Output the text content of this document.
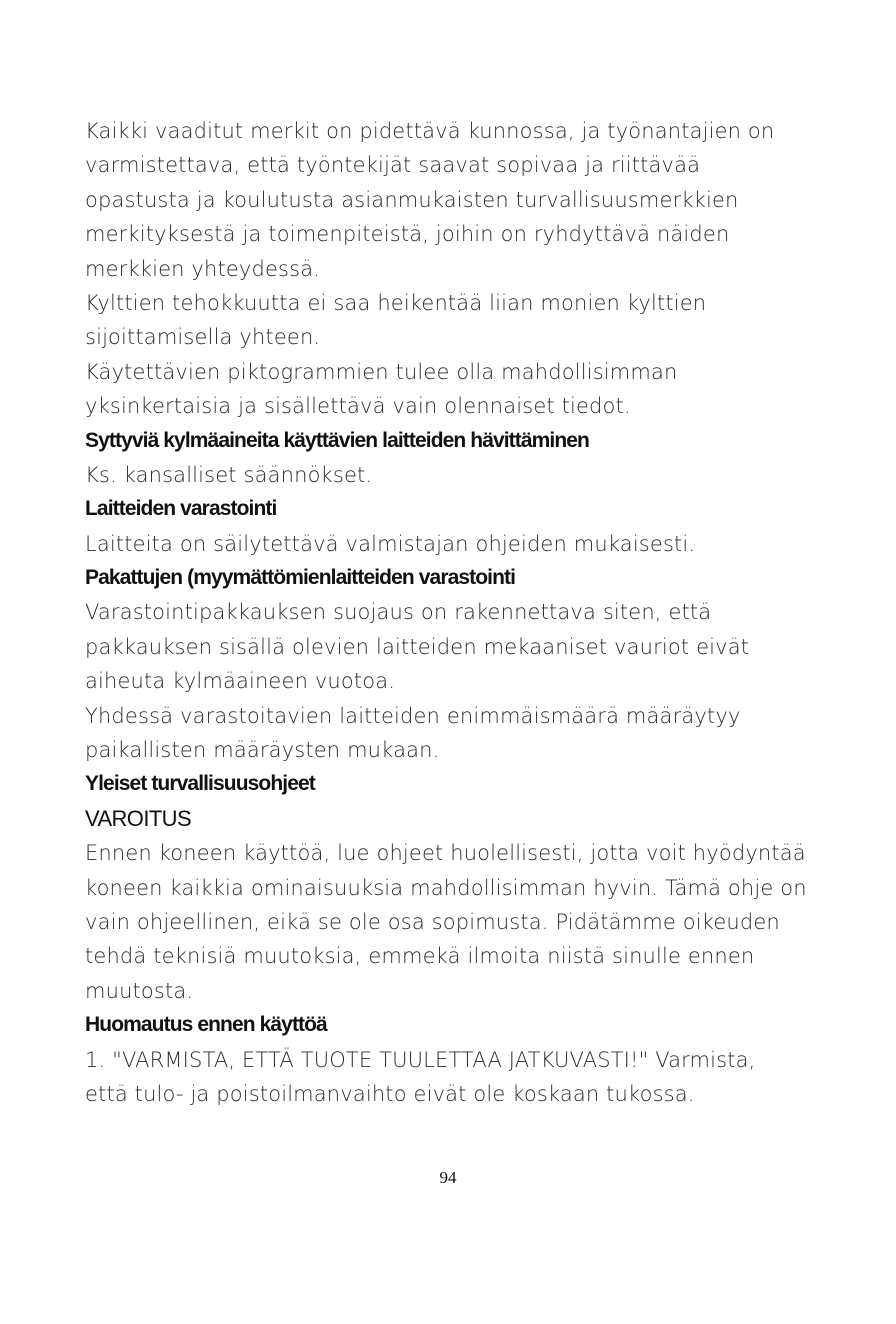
Kaikki vaaditut merkit on pidettävä kunnossa, ja työnantajien on
varmistettava, että työntekijät saavat sopivaa ja riittävää
opastusta ja koulutusta asianmukaisten turvallisuusmerkkien
merkityksestä ja toimenpiteistä, joihin on ryhdyttävä näiden
merkkien yhteydessä.
Kylttien tehokkuutta ei saa heikentää liian monien kylttien
sijoittamisella yhteen.
Käytettävien piktogrammien tulee olla mahdollisimman
yksinkertaisia ja sisällettävä vain olennaiset tiedot.
Syttyviä kylmäaineita käyttävien laitteiden hävittäminen
Ks. kansalliset säännökset.
Laitteiden varastointi
Laitteita on säilytettävä valmistajan ohjeiden mukaisesti.
Pakattujen (myymättömienlaitteiden varastointi
Varastointipakkauksen suojaus on rakennettava siten, että
pakkauksen sisällä olevien laitteiden mekaaniset vauriot eivät
aiheuta kylmäaineen vuotoa.
Yhdessä varastoitavien laitteiden enimmäismäärä määräytyy
paikallisten määräysten mukaan.
Yleiset turvallisuusohjeet
VAROITUS
Ennen koneen käyttöä, lue ohjeet huolellisesti, jotta voit hyödyntää
koneen kaikkia ominaisuuksia mahdollisimman hyvin. Tämä ohje on
vain ohjeellinen, eikä se ole osa sopimusta. Pidätämme oikeuden
tehdä teknisiä muutoksia, emmekä ilmoita niistä sinulle ennen
muutosta.
Huomautus ennen käyttöä
1. "VARMISTA, ETTÄ TUOTE TUULETTAA JATKUVASTI!" Varmista,
että tulo- ja poistoilmanvaihto eivät ole koskaan tukossa.
94
